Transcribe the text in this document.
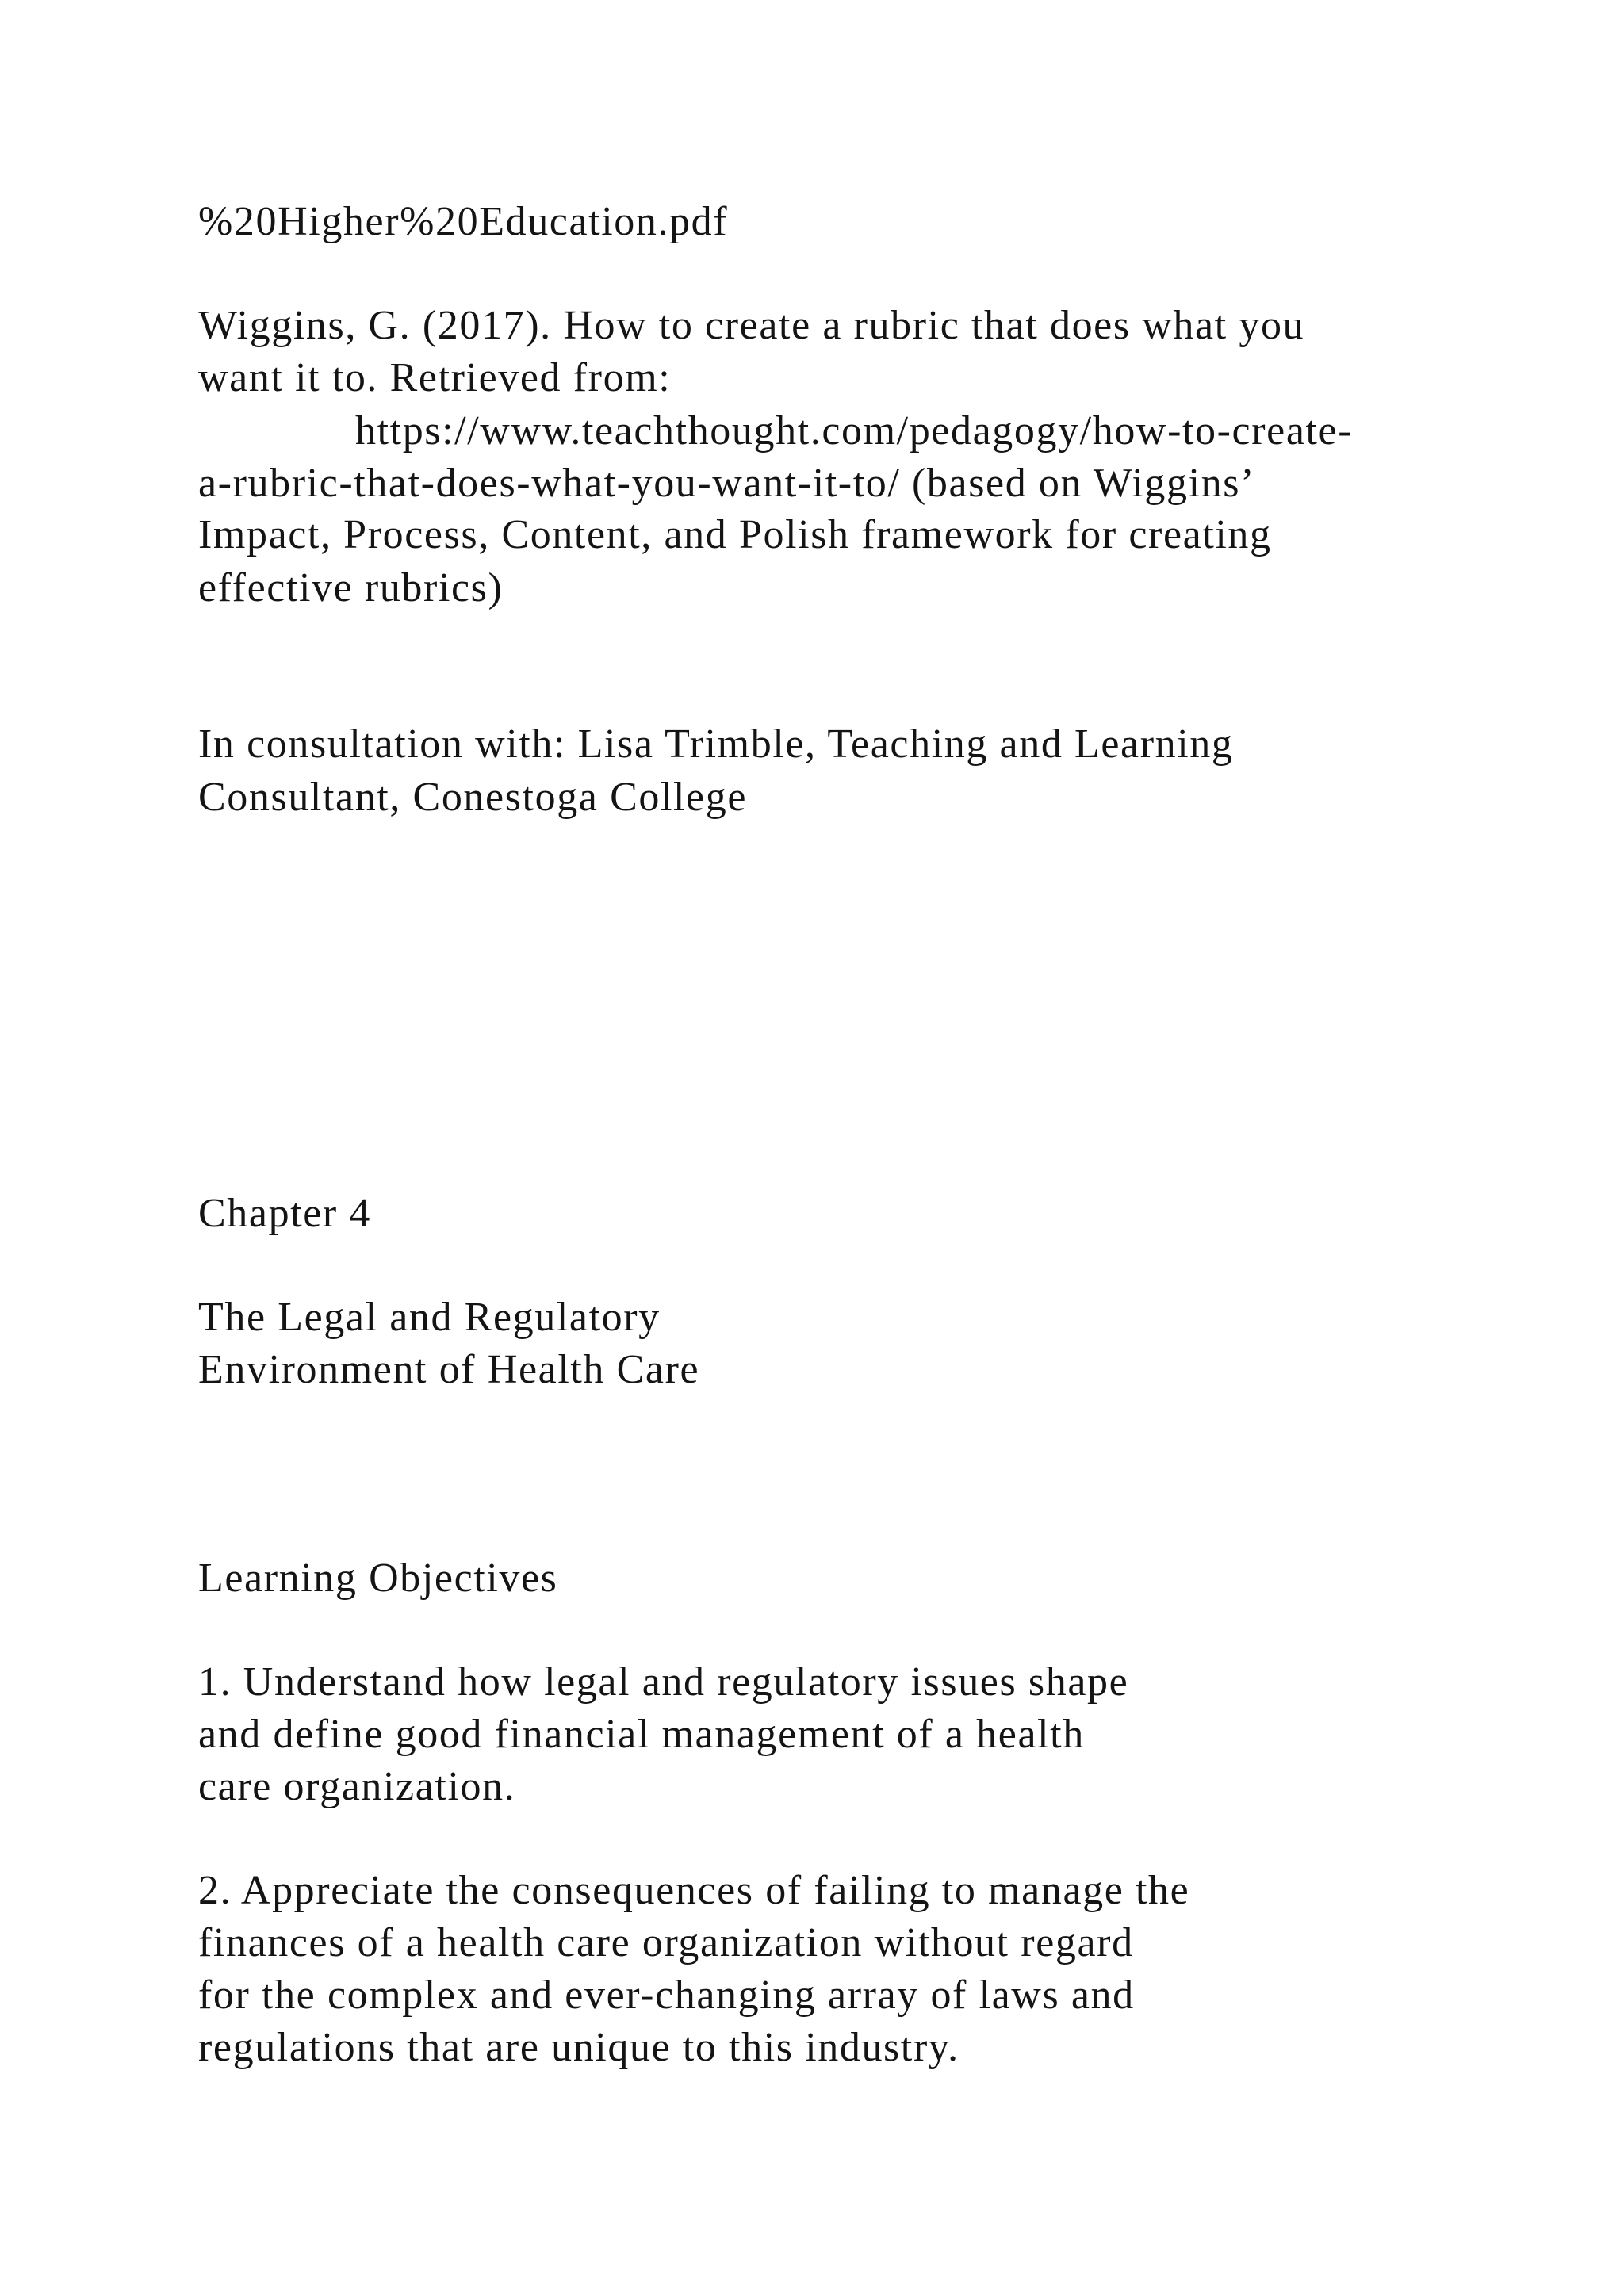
%20Higher%20Education.pdf
Wiggins, G. (2017). How to create a rubric that does what you
want it to. Retrieved from:
https://www.teachthought.com/pedagogy/how-to-create-
a-rubric-that-does-what-you-want-it-to/ (based on Wiggins’
Impact, Process, Content, and Polish framework for creating
effective rubrics)
In consultation with: Lisa Trimble, Teaching and Learning
Consultant, Conestoga College
Chapter 4
The Legal and Regulatory
Environment of Health Care
Learning Objectives
1. Understand how legal and regulatory issues shape
and define good financial management of a health
care organization.
2. Appreciate the consequences of failing to manage the
finances of a health care organization without regard
for the complex and ever-changing array of laws and
regulations that are unique to this industry.
